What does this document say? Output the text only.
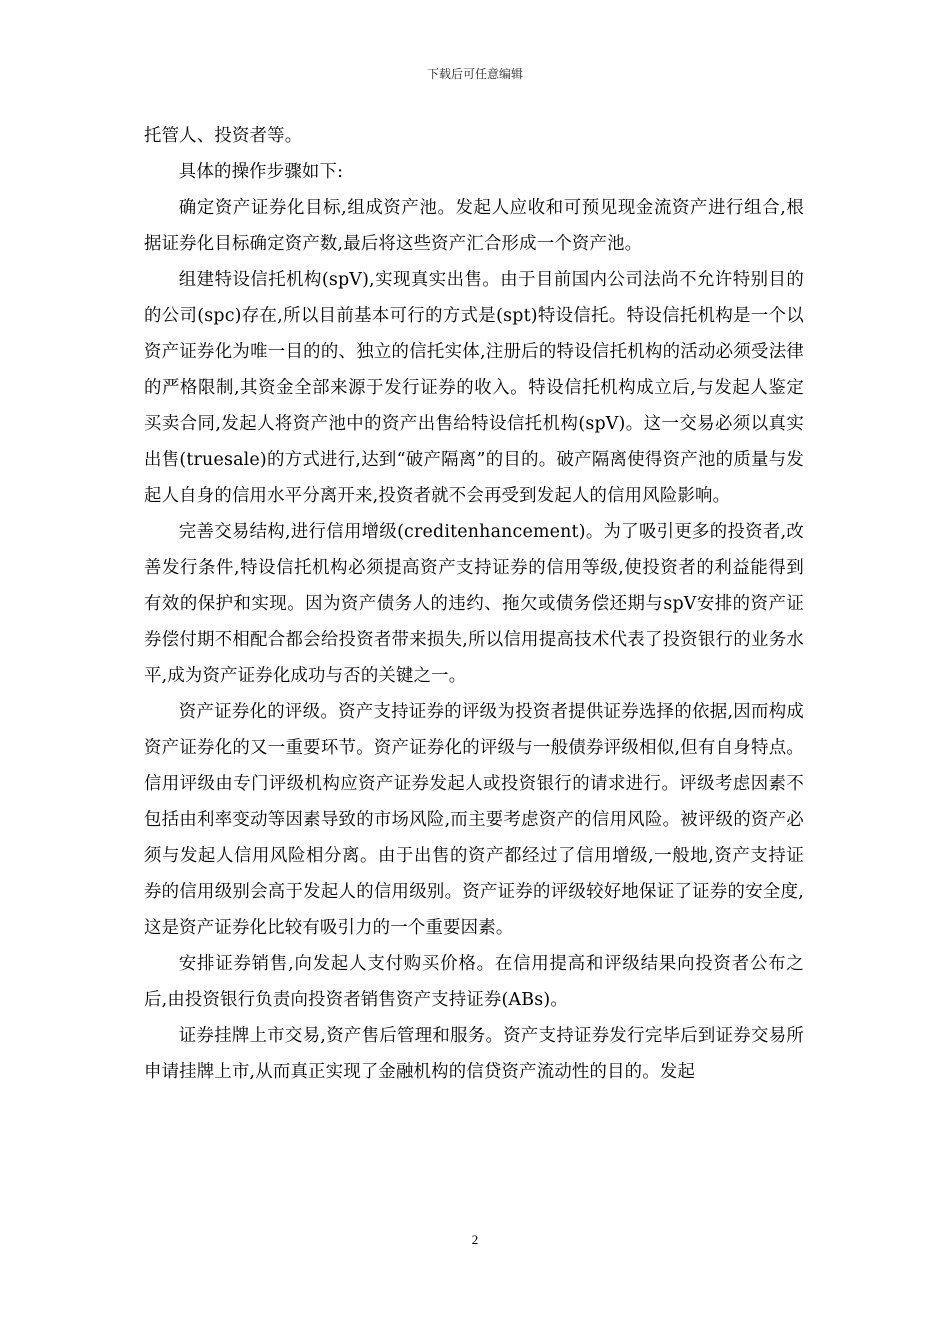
下载后可任意编辑

托管人、投资者等。

具体的操作步骤如下:

确定资产证券化目标,组成资产池。发起人应收和可预见现金流资产进行组合,根据证券化目标确定资产数,最后将这些资产汇合形成一个资产池。

组建特设信托机构(spV),实现真实出售。由于目前国内公司法尚不允许特别目的的公司(spc)存在,所以目前基本可行的方式是(spt)特设信托。特设信托机构是一个以资产证券化为唯一目的的、独立的信托实体,注册后的特设信托机构的活动必须受法律的严格限制,其资金全部来源于发行证券的收入。特设信托机构成立后,与发起人鉴定买卖合同,发起人将资产池中的资产出售给特设信托机构(spV)。这一交易必须以真实出售(truesale)的方式进行,达到“破产隔离”的目的。破产隔离使得资产池的质量与发起人自身的信用水平分离开来,投资者就不会再受到发起人的信用风险影响。

完善交易结构,进行信用增级(creditenhancement)。为了吸引更多的投资者,改善发行条件,特设信托机构必须提高资产支持证券的信用等级,使投资者的利益能得到有效的保护和实现。因为资产债务人的违约、拖欠或债务偿还期与spV安排的资产证券偿付期不相配合都会给投资者带来损失,所以信用提高技术代表了投资银行的业务水平,成为资产证券化成功与否的关键之一。

资产证券化的评级。资产支持证券的评级为投资者提供证券选择的依据,因而构成资产证券化的又一重要环节。资产证券化的评级与一般债券评级相似,但有自身特点。信用评级由专门评级机构应资产证券发起人或投资银行的请求进行。评级考虑因素不包括由利率变动等因素导致的市场风险,而主要考虑资产的信用风险。被评级的资产必须与发起人信用风险相分离。由于出售的资产都经过了信用增级,一般地,资产支持证券的信用级别会高于发起人的信用级别。资产证券的评级较好地保证了证券的安全度,这是资产证券化比较有吸引力的一个重要因素。

安排证券销售,向发起人支付购买价格。在信用提高和评级结果向投资者公布之后,由投资银行负责向投资者销售资产支持证券(ABs)。

证券挂牌上市交易,资产售后管理和服务。资产支持证券发行完毕后到证券交易所申请挂牌上市,从而真正实现了金融机构的信贷资产流动性的目的。发起

2
